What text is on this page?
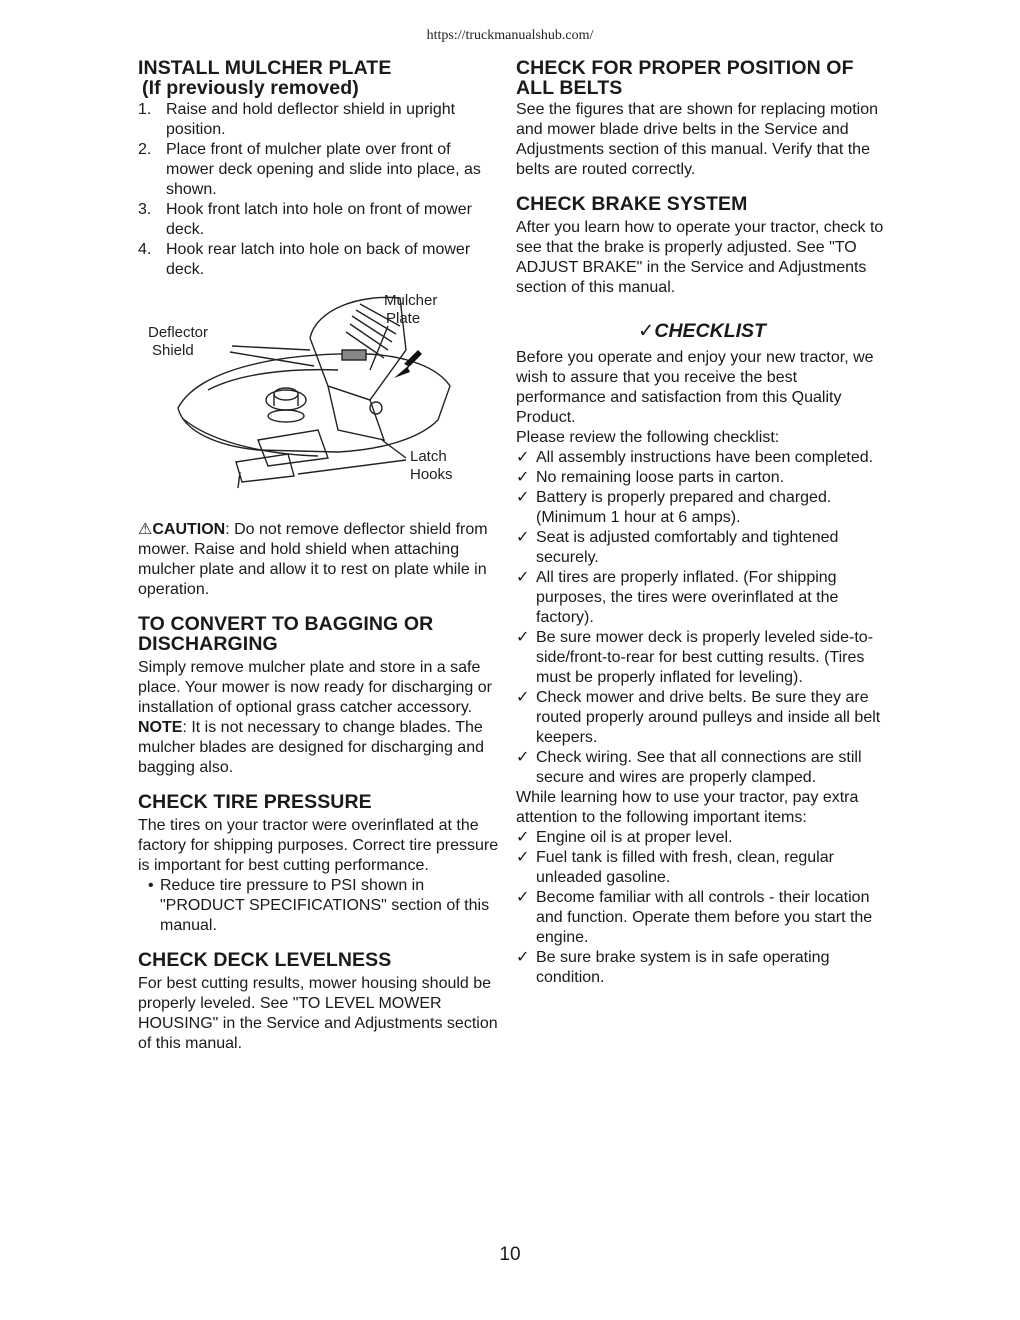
https://truckmanualshub.com/
INSTALL MULCHER PLATE
(If previously removed)
1. Raise and hold deflector shield in upright position.
2. Place front of mulcher plate over front of mower deck opening and slide into place, as shown.
3. Hook front latch into hole on front of mower deck.
4. Hook rear latch into hole on back of mower deck.
Mulcher
Plate
Deflector
Shield
Latch
Hooks

⚠CAUTION: Do not remove deflector shield from mower. Raise and hold shield when attaching mulcher plate and allow it to rest on plate while in operation.

TO CONVERT TO BAGGING OR DISCHARGING

Simply remove mulcher plate and store in a safe place. Your mower is now ready for discharging or installation of optional grass catcher accessory.

NOTE: It is not necessary to change blades. The mulcher blades are designed for discharging and bagging also.

CHECK TIRE PRESSURE

The tires on your tractor were overinflated at the factory for shipping purposes. Correct tire pressure is important for best cutting performance.

• Reduce tire pressure to PSI shown in "PRODUCT SPECIFICATIONS" section of this manual.

CHECK DECK LEVELNESS

For best cutting results, mower housing should be properly leveled. See "TO LEVEL MOWER HOUSING" in the Service and Adjustments section of this manual.

CHECK FOR PROPER POSITION OF ALL BELTS

See the figures that are shown for replacing motion and mower blade drive belts in the Service and Adjustments section of this manual. Verify that the belts are routed correctly.

CHECK BRAKE SYSTEM

After you learn how to operate your tractor, check to see that the brake is properly adjusted. See "TO ADJUST BRAKE" in the Service and Adjustments section of this manual.

✓CHECKLIST

Before you operate and enjoy your new tractor, we wish to assure that you receive the best performance and satisfaction from this Quality Product.

Please review the following checklist:

✓ All assembly instructions have been completed.
✓ No remaining loose parts in carton.
✓ Battery is properly prepared and charged. (Minimum 1 hour at 6 amps).
✓ Seat is adjusted comfortably and tightened securely.
✓ All tires are properly inflated. (For shipping purposes, the tires were overinflated at the factory).
✓ Be sure mower deck is properly leveled side-to-side/front-to-rear for best cutting results. (Tires must be properly inflated for leveling).
✓ Check mower and drive belts. Be sure they are routed properly around pulleys and inside all belt keepers.
✓ Check wiring. See that all connections are still secure and wires are properly clamped.

While learning how to use your tractor, pay extra attention to the following important items:

✓ Engine oil is at proper level.
✓ Fuel tank is filled with fresh, clean, regular unleaded gasoline.
✓ Become familiar with all controls - their location and function. Operate them before you start the engine.
✓ Be sure brake system is in safe operating condition.
10
